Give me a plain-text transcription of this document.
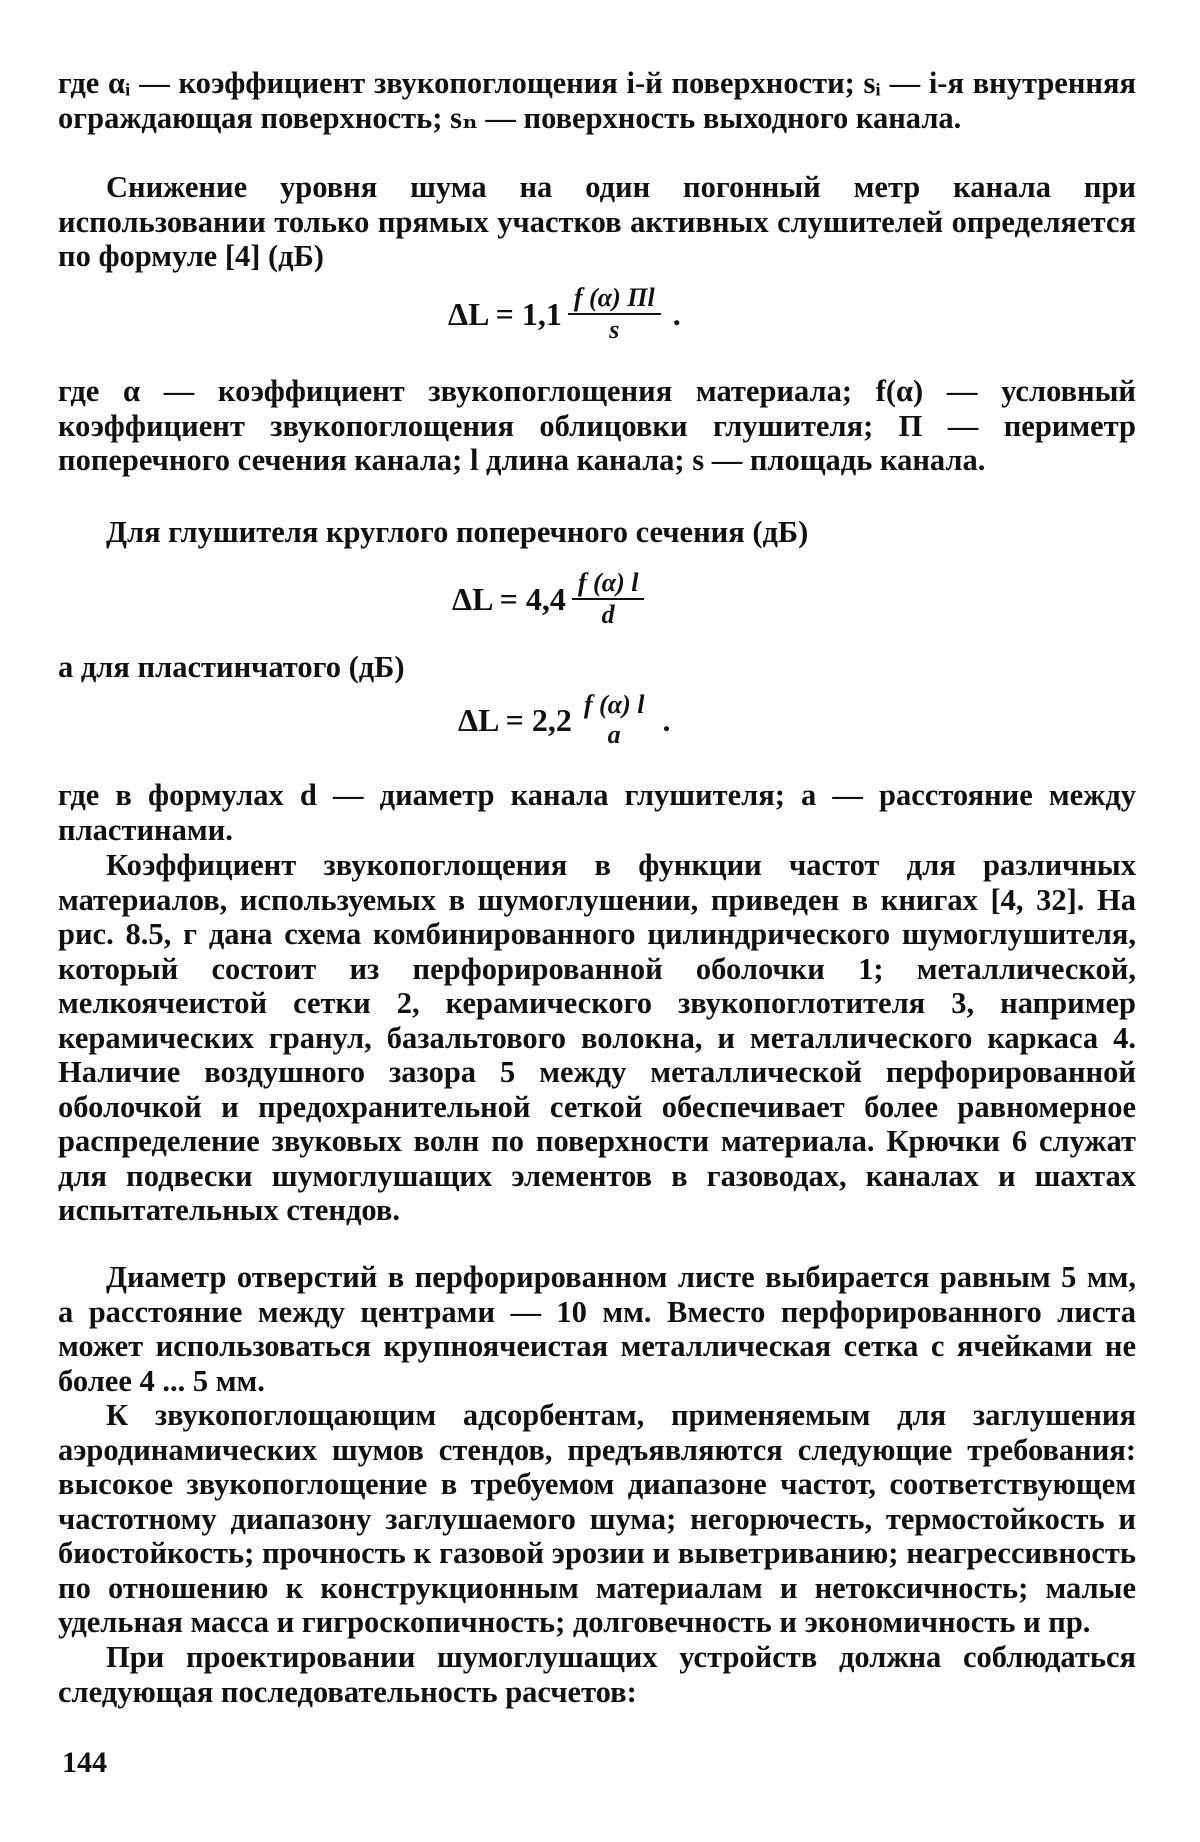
где αᵢ — коэффициент звукопоглощения i-й поверхности; sᵢ — i-я внутренняя ограждающая поверхность; sₙ — поверхность выходного канала.

Снижение уровня шума на один погонный метр канала при использовании только прямых участков активных слушителей определяется по формуле [4] (дБ)

$\Delta L = 1,1 \frac{f (\alpha) Пl}{s}$ .

где α — коэффициент звукопоглощения материала; f(α) — условный коэффициент звукопоглощения облицовки глушителя; П — периметр поперечного сечения канала; l длина канала; s — площадь канала.

Для глушителя круглого поперечного сечения (дБ)

$\Delta L = 4,4 \frac{f (\alpha) l}{d}$

а для пластинчатого (дБ)

ΔL = 2,2 f (α) l
a .

где в формулах d — диаметр канала глушителя; a — расстояние между пластинами.

Коэффициент звукопоглощения в функции частот для различных материалов, используемых в шумоглушении, приведен в книгах [4, 32]. На рис. 8.5, г дана схема комбинированного цилиндрического шумоглушителя, который состоит из перфорированной оболочки 1; металлической, мелкоячеистой сетки 2, керамического звукопоглотителя 3, например керамических гранул, базальтового волокна, и металлического каркаса 4. Наличие воздушного зазора 5 между металлической перфорированной оболочкой и предохранительной сеткой обеспечивает более равномерное распределение звуковых волн по поверхности материала. Крючки 6 служат для подвески шумоглушащих элементов в газоводах, каналах и шахтах испытательных стендов.

Диаметр отверстий в перфорированном листе выбирается равным 5 мм, а расстояние между центрами — 10 мм. Вместо перфорированного листа может использоваться крупноячеистая металлическая сетка с ячейками не более 4 ... 5 мм.

К звукопоглощающим адсорбентам, применяемым для заглушения аэродинамических шумов стендов, предъявляются следующие требования: высокое звукопоглощение в требуемом диапазоне частот, соответствующем частотному диапазону заглушаемого шума; негорючесть, термостойкость и биостойкость; прочность к газовой эрозии и выветриванию; неагрессивность по отношению к конструкционным материалам и нетоксичность; малые удельная масса и гигроскопичность; долговечность и экономичность и пр.

При проектировании шумоглушащих устройств должна соблюдаться следующая последовательность расчетов:

144
